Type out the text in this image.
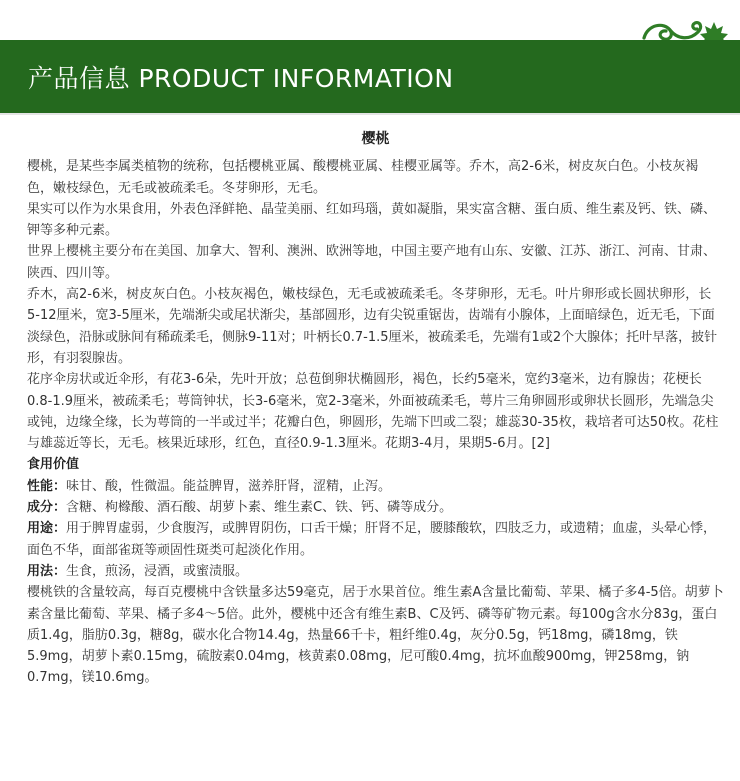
产品信息 PRODUCT INFORMATION
樱桃

樱桃，是某些李属类植物的统称，包括樱桃亚属、酸樱桃亚属、桂樱亚属等。乔木，高2-6米，树皮灰白色。小枝灰褐色，嫩枝绿色，无毛或被疏柔毛。冬芽卵形，无毛。

果实可以作为水果食用，外表色泽鲜艳、晶莹美丽、红如玛瑙，黄如凝脂，果实富含糖、蛋白质、维生素及钙、铁、磷、钾等多种元素。

世界上樱桃主要分布在美国、加拿大、智利、澳洲、欧洲等地，中国主要产地有山东、安徽、江苏、浙江、河南、甘肃、陕西、四川等。

乔木，高2-6米，树皮灰白色。小枝灰褐色，嫩枝绿色，无毛或被疏柔毛。冬芽卵形，无毛。叶片卵形或长圆状卵形，长5-12厘米，宽3-5厘米，先端渐尖或尾状渐尖，基部圆形，边有尖锐重锯齿，齿端有小腺体，上面暗绿色，近无毛，下面淡绿色，沿脉或脉间有稀疏柔毛，侧脉9-11对；叶柄长0.7-1.5厘米，被疏柔毛，先端有1或2个大腺体；托叶早落，披针形，有羽裂腺齿。

花序伞房状或近伞形，有花3-6朵，先叶开放；总苞倒卵状椭圆形，褐色，长约5毫米，宽约3毫米，边有腺齿；花梗长0.8-1.9厘米，被疏柔毛；萼筒钟状，长3-6毫米，宽2-3毫米，外面被疏柔毛，萼片三角卵圆形或卵状长圆形，先端急尖或钝，边缘全缘，长为萼筒的一半或过半；花瓣白色，卵圆形，先端下凹或二裂；雄蕊30-35枚，栽培者可达50枚。花柱与雄蕊近等长，无毛。核果近球形，红色，直径0.9-1.3厘米。花期3-4月，果期5-6月。[2]

食用价值

性能：味甘、酸，性微温。能益脾胃，滋养肝肾，涩精，止泻。

成分：含糖、枸橼酸、酒石酸、胡萝卜素、维生素C、铁、钙、磷等成分。

用途：用于脾胃虚弱，少食腹泻，或脾胃阴伤，口舌干燥；肝肾不足，腰膝酸软，四肢乏力，或遗精；血虚，头晕心悸，面色不华，面部雀斑等顽固性斑类可起淡化作用。

用法：生食，煎汤，浸酒，或蜜渍服。

樱桃铁的含量较高，每百克樱桃中含铁量多达59毫克，居于水果首位。维生素A含量比葡萄、苹果、橘子多4-5倍。胡萝卜素含量比葡萄、苹果、橘子多4～5倍。此外，樱桃中还含有维生素B、C及钙、磷等矿物元素。每100g含水分83g，蛋白质1.4g，脂肪0.3g，糖8g，碳水化合物14.4g，热量66千卡，粗纤维0.4g，灰分0.5g，钙18mg，磷18mg，铁5.9mg，胡萝卜素0.15mg，硫胺素0.04mg，核黄素0.08mg，尼可酸0.4mg，抗坏血酸900mg，钾258mg，钠0.7mg，镁10.6mg。
